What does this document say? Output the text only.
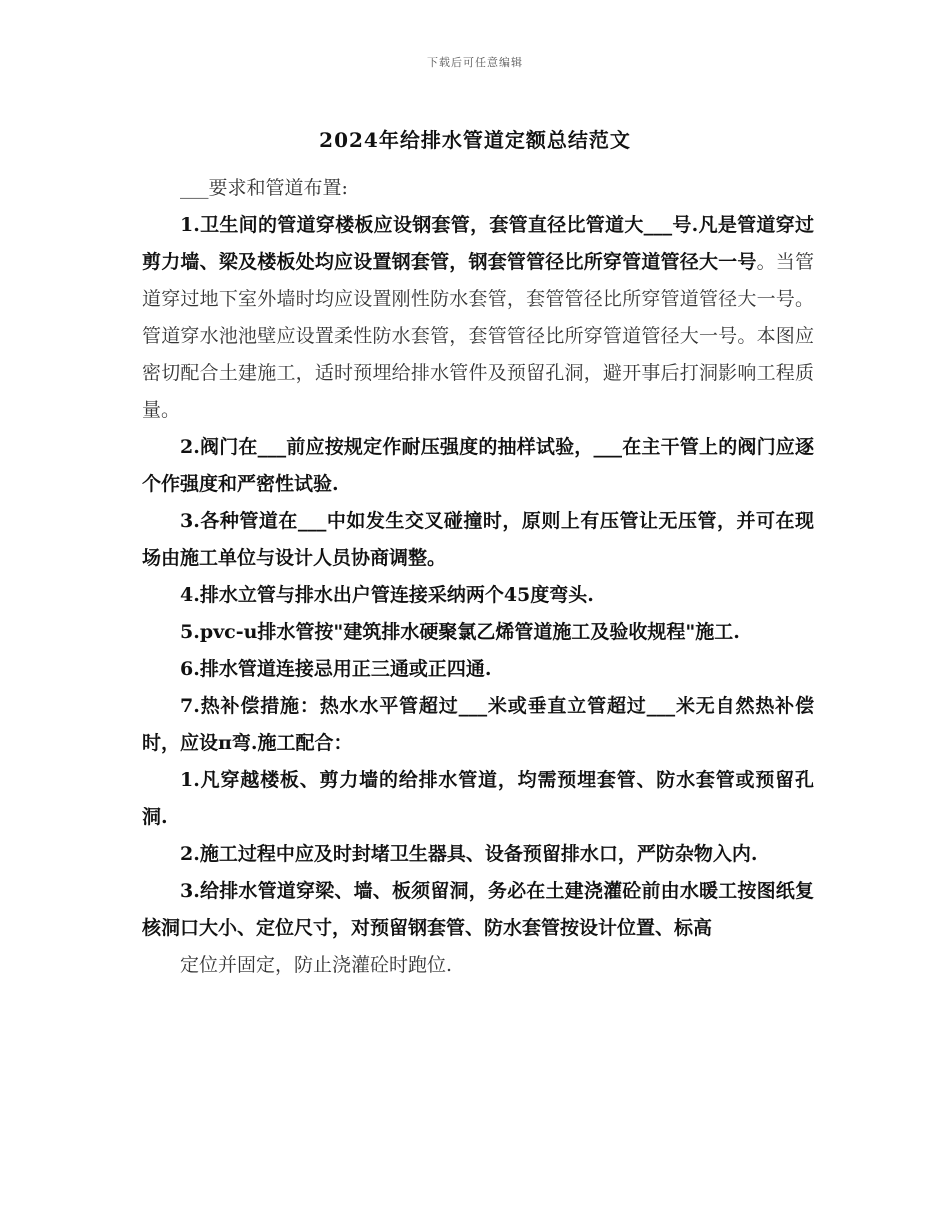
下载后可任意编辑
2024年给排水管道定额总结范文

___要求和管道布置:

1.卫生间的管道穿楼板应设钢套管，套管直径比管道大___号.凡是管道穿过剪力墙、梁及楼板处均应设置钢套管，钢套管管径比所穿管道管径大一号。当管道穿过地下室外墙时均应设置刚性防水套管，套管管径比所穿管道管径大一号。管道穿水池池壁应设置柔性防水套管，套管管径比所穿管道管径大一号。本图应密切配合土建施工，适时预埋给排水管件及预留孔洞，避开事后打洞影响工程质量。

2.阀门在___前应按规定作耐压强度的抽样试验，___在主干管上的阀门应逐个作强度和严密性试验.

3.各种管道在___中如发生交叉碰撞时，原则上有压管让无压管，并可在现场由施工单位与设计人员协商调整。

4.排水立管与排水出户管连接采纳两个45度弯头.

5.pvc-u排水管按"建筑排水硬聚氯乙烯管道施工及验收规程"施工.

6.排水管道连接忌用正三通或正四通.

7.热补偿措施：热水水平管超过___米或垂直立管超过___米无自然热补偿时，应设π弯.施工配合：

1.凡穿越楼板、剪力墙的给排水管道，均需预埋套管、防水套管或预留孔洞.

2.施工过程中应及时封堵卫生器具、设备预留排水口，严防杂物入内.

3.给排水管道穿梁、墙、板须留洞，务必在土建浇灌砼前由水暖工按图纸复核洞口大小、定位尺寸，对预留钢套管、防水套管按设计位置、标高

定位并固定，防止浇灌砼时跑位.
